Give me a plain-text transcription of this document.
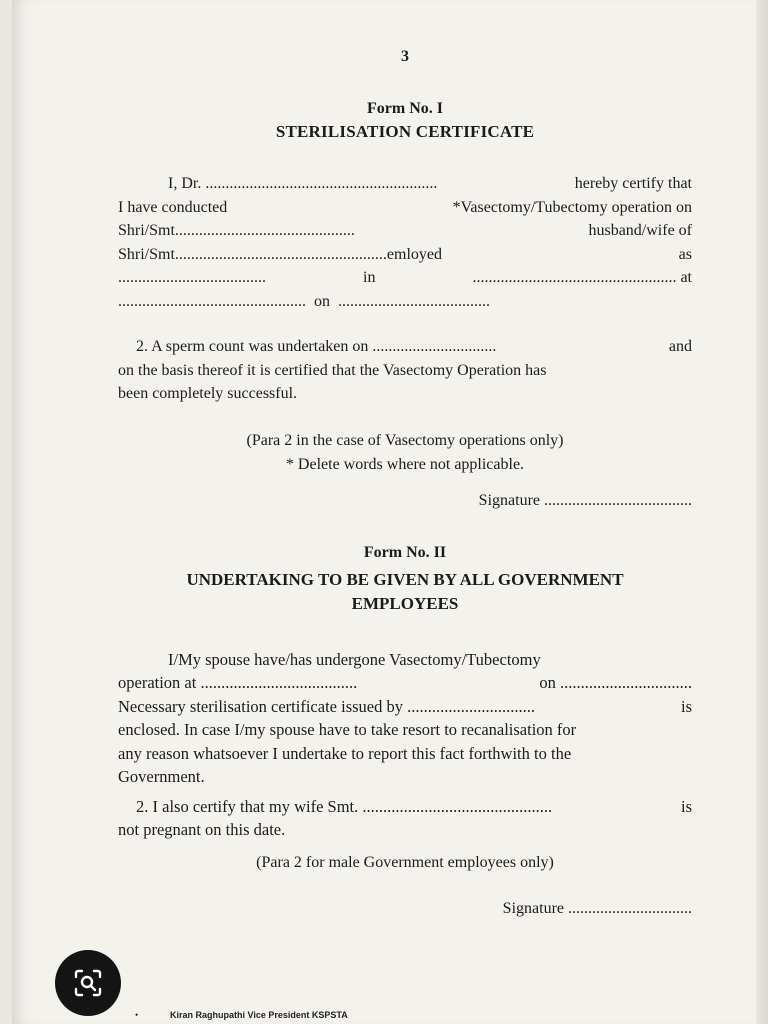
3

Form No. I

STERILISATION CERTIFICATE

I, Dr. ..........................................................	hereby certify that
I have conducted	*Vasectomy/Tubectomy operation on
Shri/Smt.............................................	husband/wife of
Shri/Smt.....................................................emloyed	as
.....................................	in	................................................... at
............................................... on ......................................
2. A sperm count was undertaken on ...............................	and
on the basis thereof it is certified that the Vasectomy Operation has
been completely successful.

(Para 2 in the case of Vasectomy operations only)

* Delete words where not applicable.

Signature .....................................

Form No. II

UNDERTAKING TO BE GIVEN BY ALL GOVERNMENT
EMPLOYEES
I/My spouse have/has undergone Vasectomy/Tubectomy
operation at ......................................	on ................................
Necessary sterilisation certificate issued by ...............................	is
enclosed. In case I/my spouse have to take resort to recanalisation for
any reason whatsoever I undertake to report this fact forthwith to the
Government.
2. I also certify that my wife Smt. ..............................................	is
not pregnant on this date.

(Para 2 for male Government employees only)

Signature ...............................

•	Kiran Raghupathi Vice President KSPSTA
